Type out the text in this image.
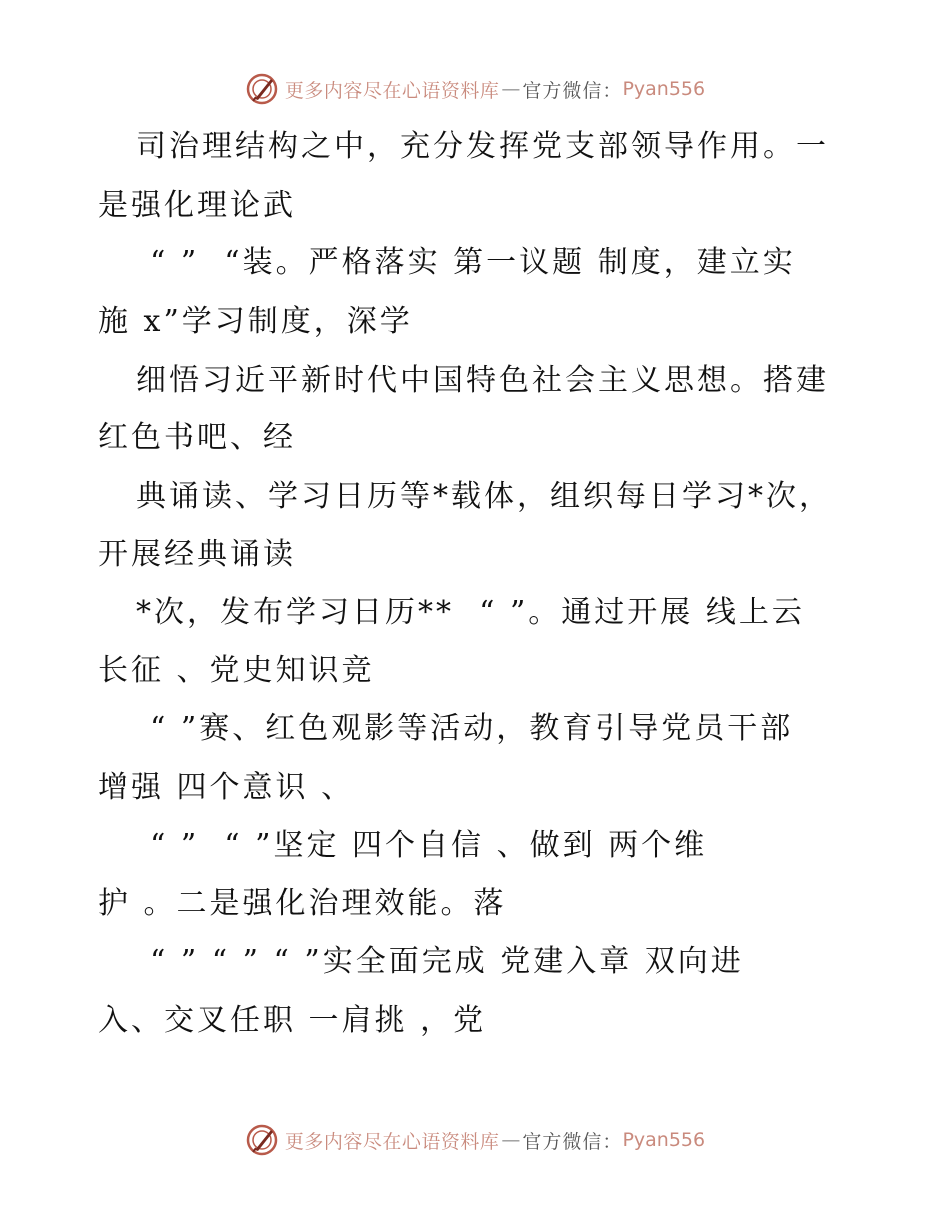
更多内容尽在心语资料库 — 官方微信： Pyan556

司治理结构之中，充分发挥党支部领导作用。一

是强化理论武

“ ”  “装。严格落实 第一议题 制度，建立实

施 x”学习制度，深学

细悟习近平新时代中国特色社会主义思想。搭建

红色书吧、经

典诵读、学习日历等*载体，组织每日学习*次，

开展经典诵读

*次，发布学习日历**  “ ”。通过开展 线上云

长征 、党史知识竞

“ ”赛、红色观影等活动，教育引导党员干部

增强 四个意识 、

“ ”  “ ”坚定 四个自信 、做到 两个维

护 。二是强化治理效能。落

“ ” “ ” “ ”实全面完成 党建入章 双向进

入、交叉任职 一肩挑 ，党

更多内容尽在心语资料库 — 官方微信： Pyan556
